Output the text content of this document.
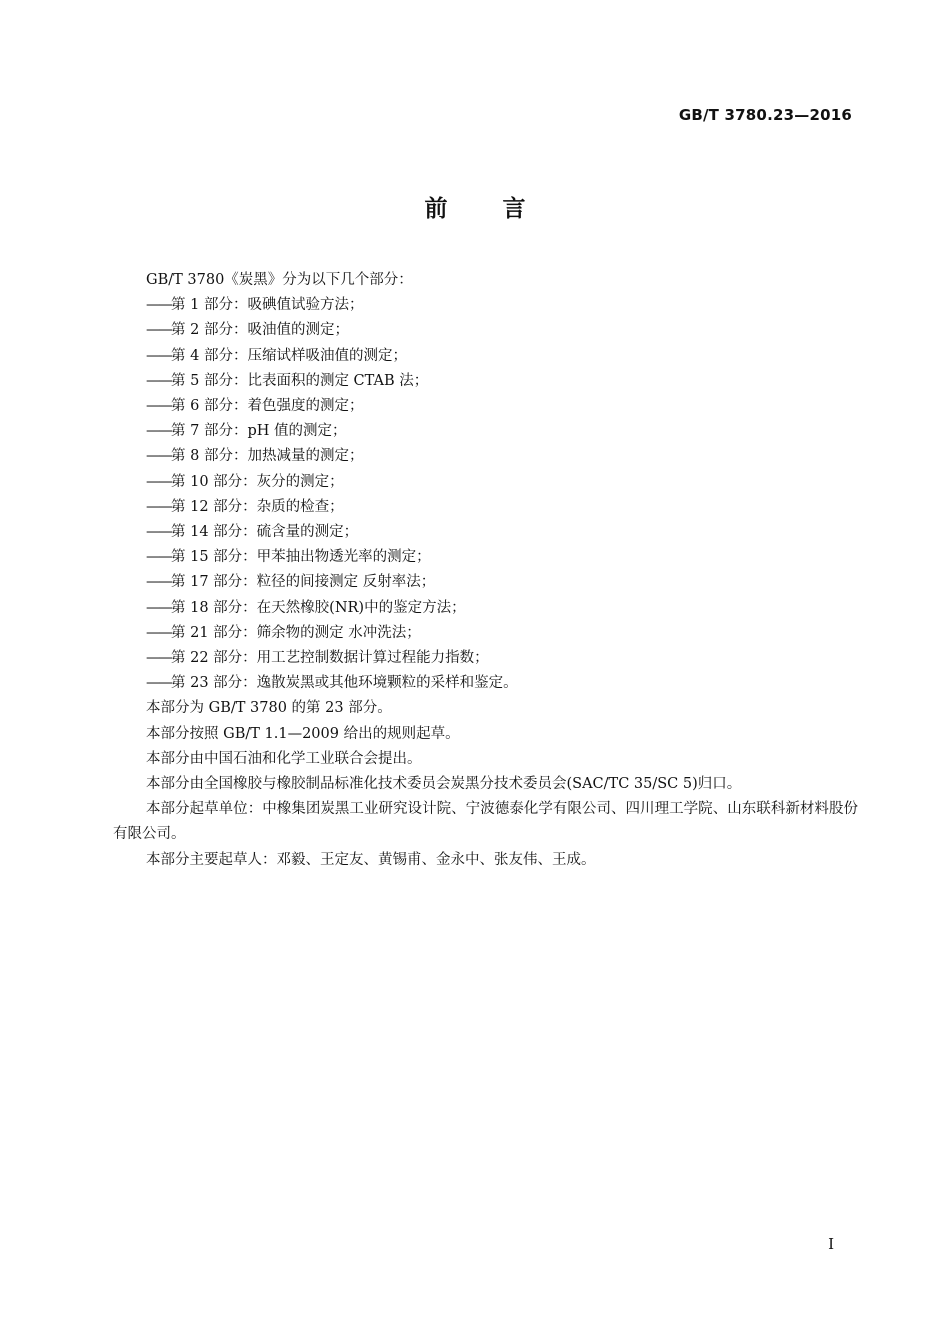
GB/T 3780.23—2016
前言

GB/T 3780《炭黑》分为以下几个部分：

——第 1 部分：吸碘值试验方法；
——第 2 部分：吸油值的测定；
——第 4 部分：压缩试样吸油值的测定；
——第 5 部分：比表面积的测定 CTAB 法；
——第 6 部分：着色强度的测定；
——第 7 部分：pH 值的测定；
——第 8 部分：加热减量的测定；
——第 10 部分：灰分的测定；
——第 12 部分：杂质的检查；
——第 14 部分：硫含量的测定；
——第 15 部分：甲苯抽出物透光率的测定；
——第 17 部分：粒径的间接测定 反射率法；
——第 18 部分：在天然橡胶(NR)中的鉴定方法；
——第 21 部分：筛余物的测定 水冲洗法；
——第 22 部分：用工艺控制数据计算过程能力指数；
——第 23 部分：逸散炭黑或其他环境颗粒的采样和鉴定。

本部分为 GB/T 3780 的第 23 部分。

本部分按照 GB/T 1.1—2009 给出的规则起草。

本部分由中国石油和化学工业联合会提出。

本部分由全国橡胶与橡胶制品标准化技术委员会炭黑分技术委员会(SAC/TC 35/SC 5)归口。

本部分起草单位：中橡集团炭黑工业研究设计院、宁波德泰化学有限公司、四川理工学院、山东联科新材料股份有限公司。

本部分主要起草人：邓毅、王定友、黄锡甫、金永中、张友伟、王成。

I
